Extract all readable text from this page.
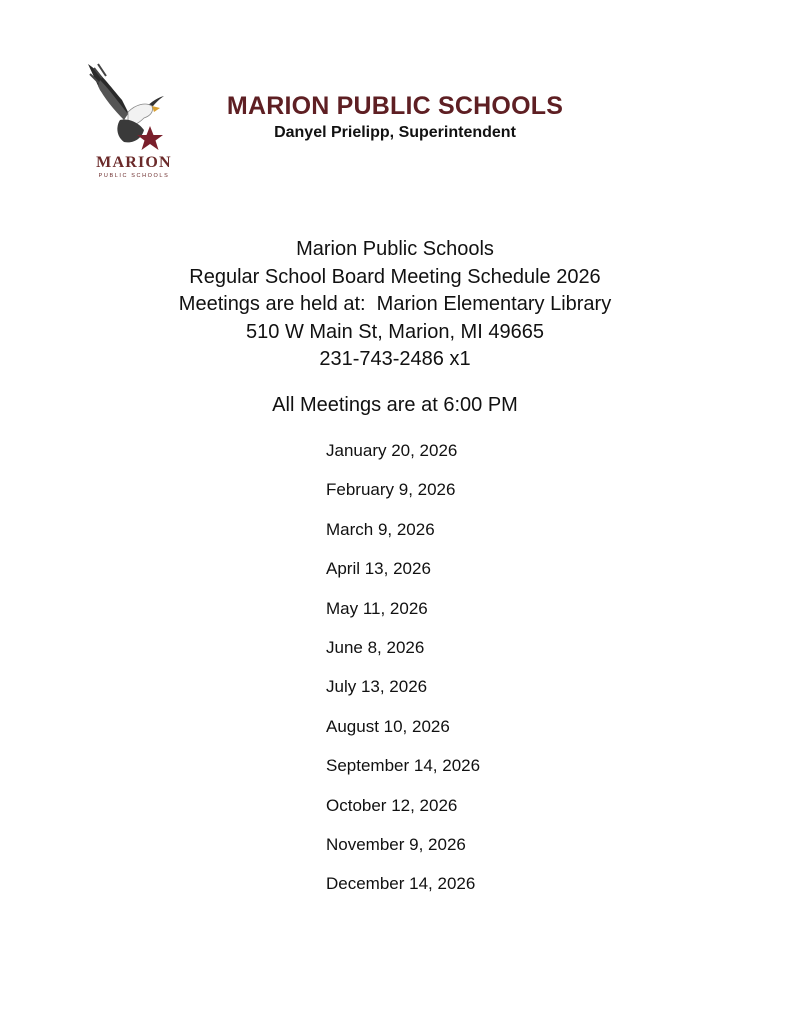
MARION
PUBLIC SCHOOLS
MARION PUBLIC SCHOOLS
Danyel Prielipp, Superintendent
Marion Public Schools
Regular School Board Meeting Schedule 2026
Meetings are held at:  Marion Elementary Library
510 W Main St, Marion, MI 49665
231-743-2486 x1
All Meetings are at 6:00 PM
January 20, 2026
February 9, 2026
March 9, 2026
April 13, 2026
May 11, 2026
June 8, 2026
July 13, 2026
August 10, 2026
September 14, 2026
October 12, 2026
November 9, 2026
December 14, 2026
